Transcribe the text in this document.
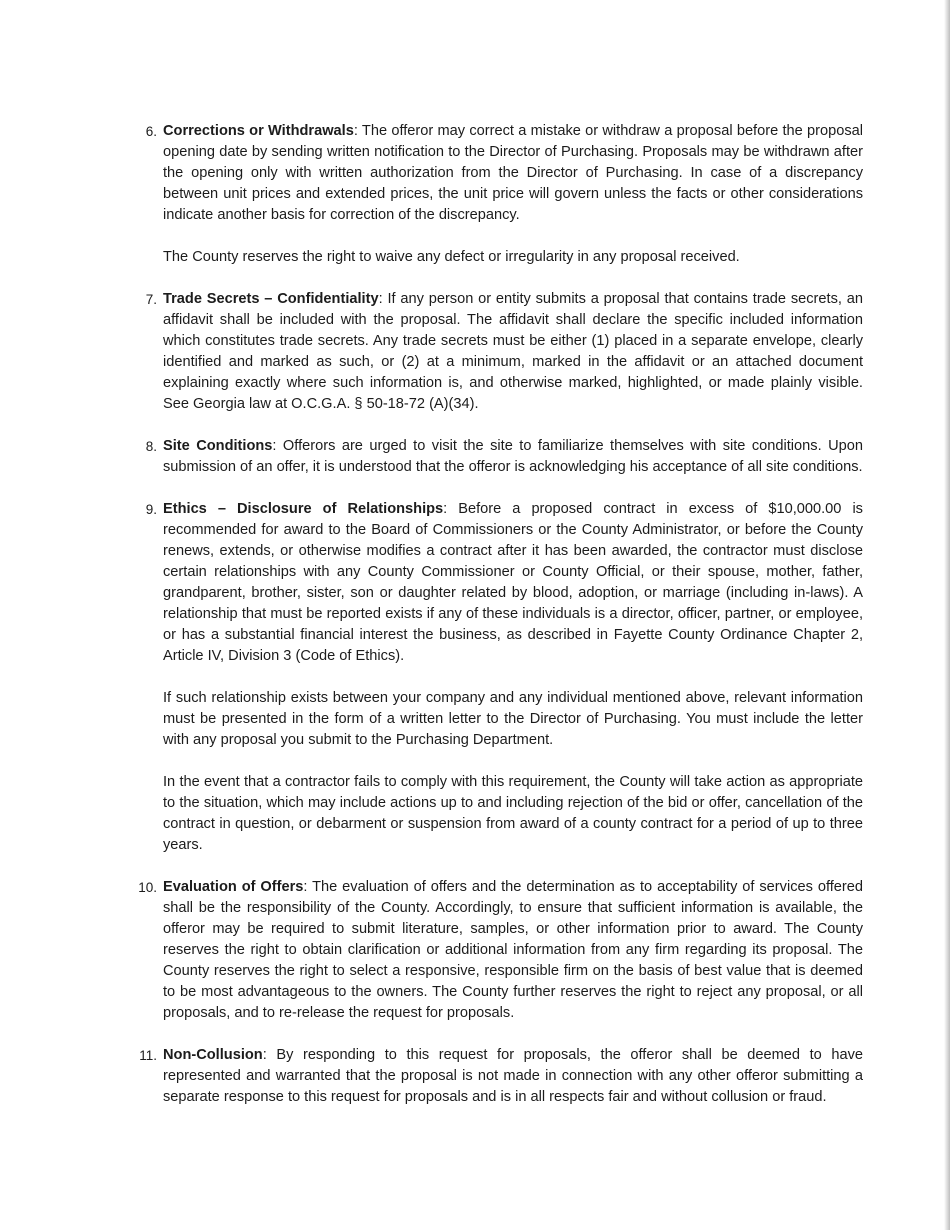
6. Corrections or Withdrawals: The offeror may correct a mistake or withdraw a proposal before the proposal opening date by sending written notification to the Director of Purchasing. Proposals may be withdrawn after the opening only with written authorization from the Director of Purchasing. In case of a discrepancy between unit prices and extended prices, the unit price will govern unless the facts or other considerations indicate another basis for correction of the discrepancy.
The County reserves the right to waive any defect or irregularity in any proposal received.
7. Trade Secrets – Confidentiality: If any person or entity submits a proposal that contains trade secrets, an affidavit shall be included with the proposal. The affidavit shall declare the specific included information which constitutes trade secrets. Any trade secrets must be either (1) placed in a separate envelope, clearly identified and marked as such, or (2) at a minimum, marked in the affidavit or an attached document explaining exactly where such information is, and otherwise marked, highlighted, or made plainly visible. See Georgia law at O.C.G.A. § 50-18-72 (A)(34).
8. Site Conditions: Offerors are urged to visit the site to familiarize themselves with site conditions. Upon submission of an offer, it is understood that the offeror is acknowledging his acceptance of all site conditions.
9. Ethics – Disclosure of Relationships: Before a proposed contract in excess of $10,000.00 is recommended for award to the Board of Commissioners or the County Administrator, or before the County renews, extends, or otherwise modifies a contract after it has been awarded, the contractor must disclose certain relationships with any County Commissioner or County Official, or their spouse, mother, father, grandparent, brother, sister, son or daughter related by blood, adoption, or marriage (including in-laws). A relationship that must be reported exists if any of these individuals is a director, officer, partner, or employee, or has a substantial financial interest the business, as described in Fayette County Ordinance Chapter 2, Article IV, Division 3 (Code of Ethics).
If such relationship exists between your company and any individual mentioned above, relevant information must be presented in the form of a written letter to the Director of Purchasing. You must include the letter with any proposal you submit to the Purchasing Department.
In the event that a contractor fails to comply with this requirement, the County will take action as appropriate to the situation, which may include actions up to and including rejection of the bid or offer, cancellation of the contract in question, or debarment or suspension from award of a county contract for a period of up to three years.
10. Evaluation of Offers: The evaluation of offers and the determination as to acceptability of services offered shall be the responsibility of the County. Accordingly, to ensure that sufficient information is available, the offeror may be required to submit literature, samples, or other information prior to award. The County reserves the right to obtain clarification or additional information from any firm regarding its proposal. The County reserves the right to select a responsive, responsible firm on the basis of best value that is deemed to be most advantageous to the owners. The County further reserves the right to reject any proposal, or all proposals, and to re-release the request for proposals.
11. Non-Collusion: By responding to this request for proposals, the offeror shall be deemed to have represented and warranted that the proposal is not made in connection with any other offeror submitting a separate response to this request for proposals and is in all respects fair and without collusion or fraud.
